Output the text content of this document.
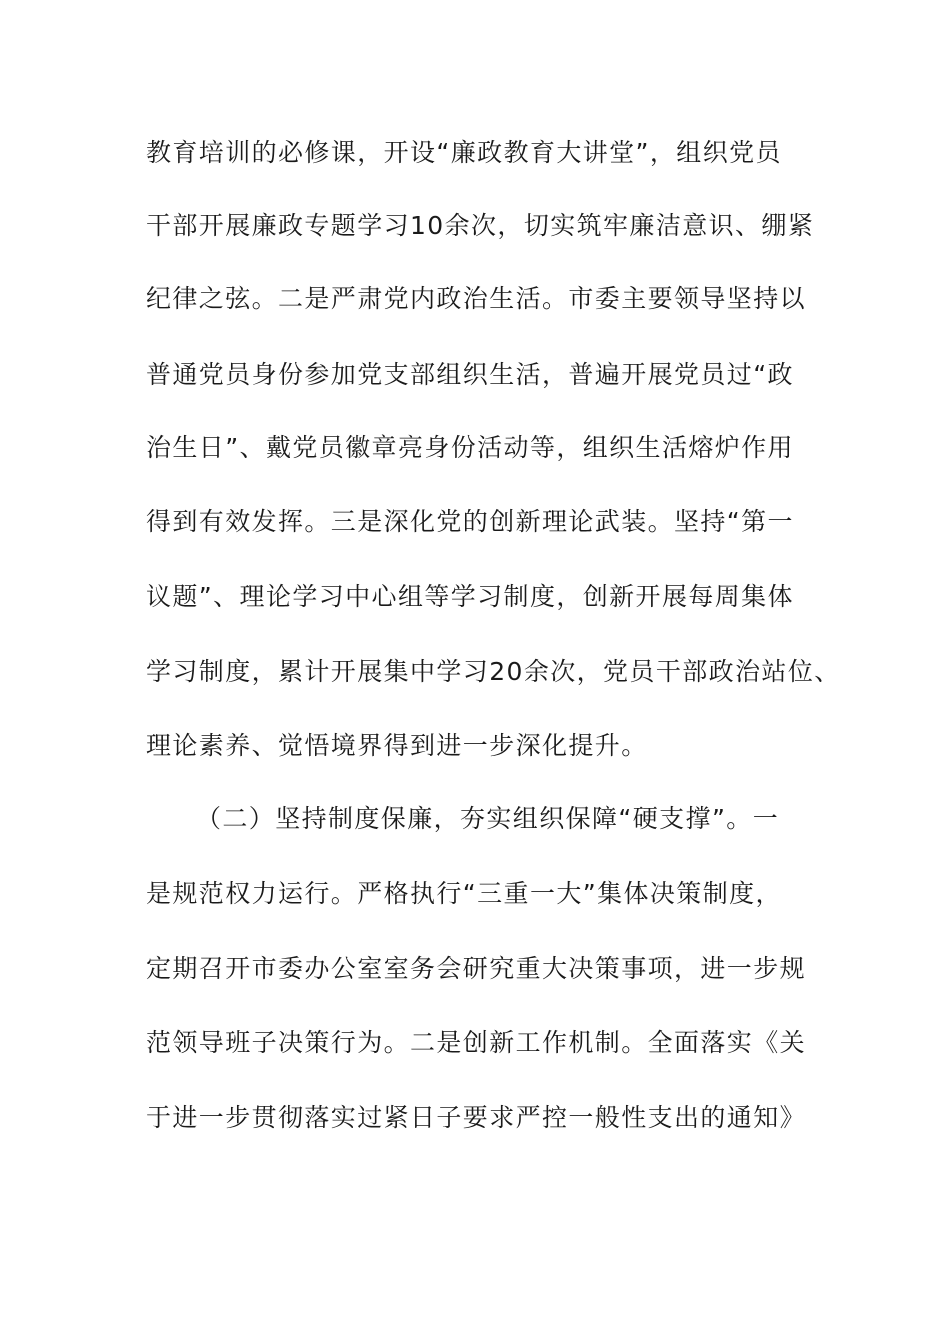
教育培训的必修课，开设“廉政教育大讲堂”，组织党员
干部开展廉政专题学习10余次，切实筑牢廉洁意识、绷紧
纪律之弦。二是严肃党内政治生活。市委主要领导坚持以
普通党员身份参加党支部组织生活，普遍开展党员过“政
治生日”、戴党员徽章亮身份活动等，组织生活熔炉作用
得到有效发挥。三是深化党的创新理论武装。坚持“第一
议题”、理论学习中心组等学习制度，创新开展每周集体
学习制度，累计开展集中学习20余次，党员干部政治站位、
理论素养、觉悟境界得到进一步深化提升。
（二）坚持制度保廉，夯实组织保障“硬支撑”。一
是规范权力运行。严格执行“三重一大”集体决策制度，
定期召开市委办公室室务会研究重大决策事项，进一步规
范领导班子决策行为。二是创新工作机制。全面落实《关
于进一步贯彻落实过紧日子要求严控一般性支出的通知》
